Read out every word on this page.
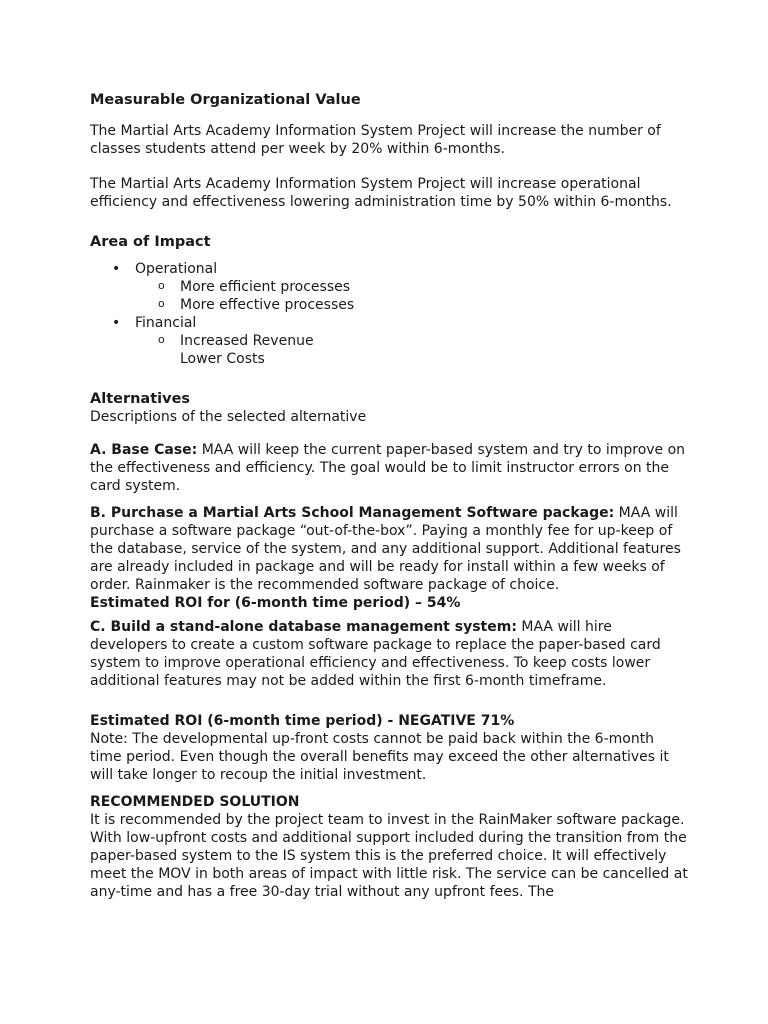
Measurable Organizational Value

The Martial Arts Academy Information System Project will increase the number of classes students attend per week by 20% within 6-months.

The Martial Arts Academy Information System Project will increase operational efficiency and effectiveness lowering administration time by 50% within 6-months.

Area of Impact

• Operational
o More efficient processes
o More effective processes
• Financial
o Increased Revenue
Lower Costs

Alternatives

Descriptions of the selected alternative

A. Base Case: MAA will keep the current paper-based system and try to improve on the effectiveness and efficiency. The goal would be to limit instructor errors on the card system.

B. Purchase a Martial Arts School Management Software package: MAA will purchase a software package “out-of-the-box”. Paying a monthly fee for up-keep of the database, service of the system, and any additional support. Additional features are already included in package and will be ready for install within a few weeks of order. Rainmaker is the recommended software package of choice.

Estimated ROI for (6-month time period) – 54%

C. Build a stand-alone database management system: MAA will hire developers to create a custom software package to replace the paper-based card system to improve operational efficiency and effectiveness. To keep costs lower additional features may not be added within the first 6-month timeframe.

Estimated ROI (6-month time period) - NEGATIVE 71%

Note: The developmental up-front costs cannot be paid back within the 6-month time period. Even though the overall benefits may exceed the other alternatives it will take longer to recoup the initial investment.

RECOMMENDED SOLUTION

It is recommended by the project team to invest in the RainMaker software package. With low-upfront costs and additional support included during the transition from the paper-based system to the IS system this is the preferred choice. It will effectively meet the MOV in both areas of impact with little risk. The service can be cancelled at any-time and has a free 30-day trial without any upfront fees. The
